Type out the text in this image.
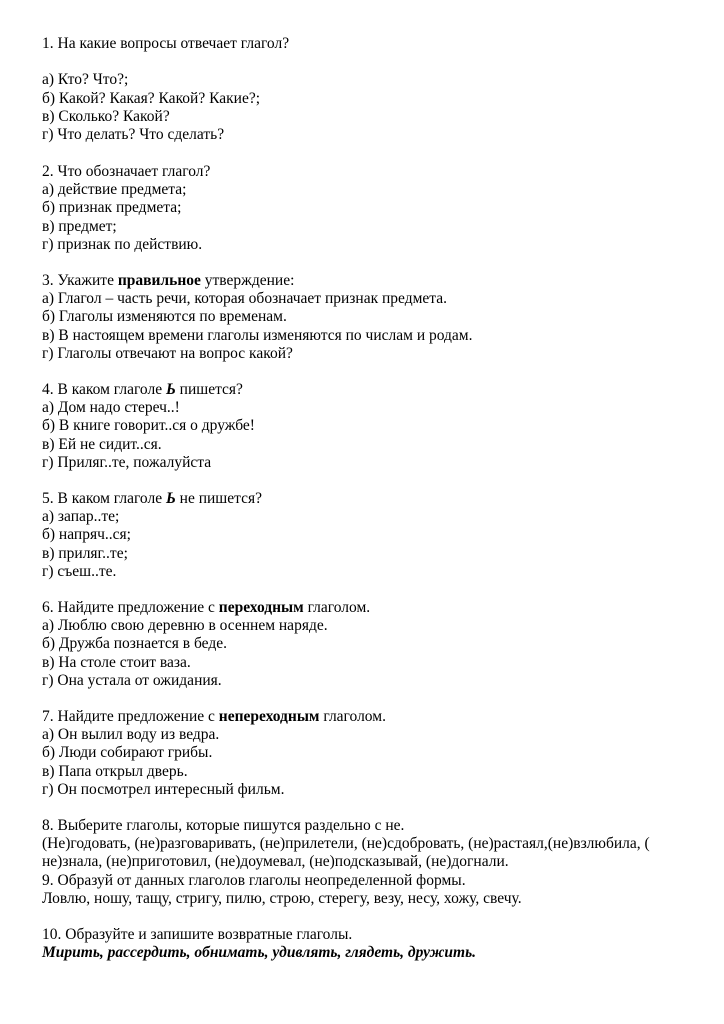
1. На какие вопросы отвечает глагол?
а) Кто? Что?;
б) Какой? Какая? Какой? Какие?;
в) Сколько? Какой?
г) Что делать? Что сделать?
2. Что обозначает глагол?
а) действие предмета;
б) признак предмета;
в) предмет;
г) признак по действию.
3. Укажите правильное утверждение:
а) Глагол – часть речи, которая обозначает признак предмета.
б) Глаголы изменяются по временам.
в) В настоящем времени глаголы изменяются по числам и родам.
г) Глаголы отвечают на вопрос какой?
4. В каком глаголе Ь пишется?
а) Дом надо стереч..!
б) В книге говорит..ся о дружбе!
в) Ей не сидит..ся.
г) Приляг..те, пожалуйста
5. В каком глаголе Ь не пишется?
а) запар..те;
б) напряч..ся;
в) приляг..те;
г) съеш..те.
6. Найдите предложение с переходным глаголом.
а) Люблю свою деревню в осеннем наряде.
б) Дружба познается в беде.
в) На столе стоит ваза.
г) Она устала от ожидания.
7. Найдите предложение с непереходным глаголом.
а) Он вылил воду из ведра.
б) Люди собирают грибы.
в) Папа открыл дверь.
г) Он посмотрел интересный фильм.
8. Выберите глаголы, которые пишутся раздельно с не.
(Не)годовать, (не)разговаривать, (не)прилетели, (не)сдобровать, (не)растаял,(не)взлюбила, (
не)знала, (не)приготовил, (не)доумевал, (не)подсказывай, (не)догнали.
9. Образуй от данных глаголов глаголы неопределенной формы.
Ловлю, ношу, тащу, стригу, пилю, строю, стерегу, везу, несу, хожу, свечу.
10. Образуйте и запишите возвратные глаголы.
Мирить, рассердить, обнимать, удивлять, глядеть, дружить.
